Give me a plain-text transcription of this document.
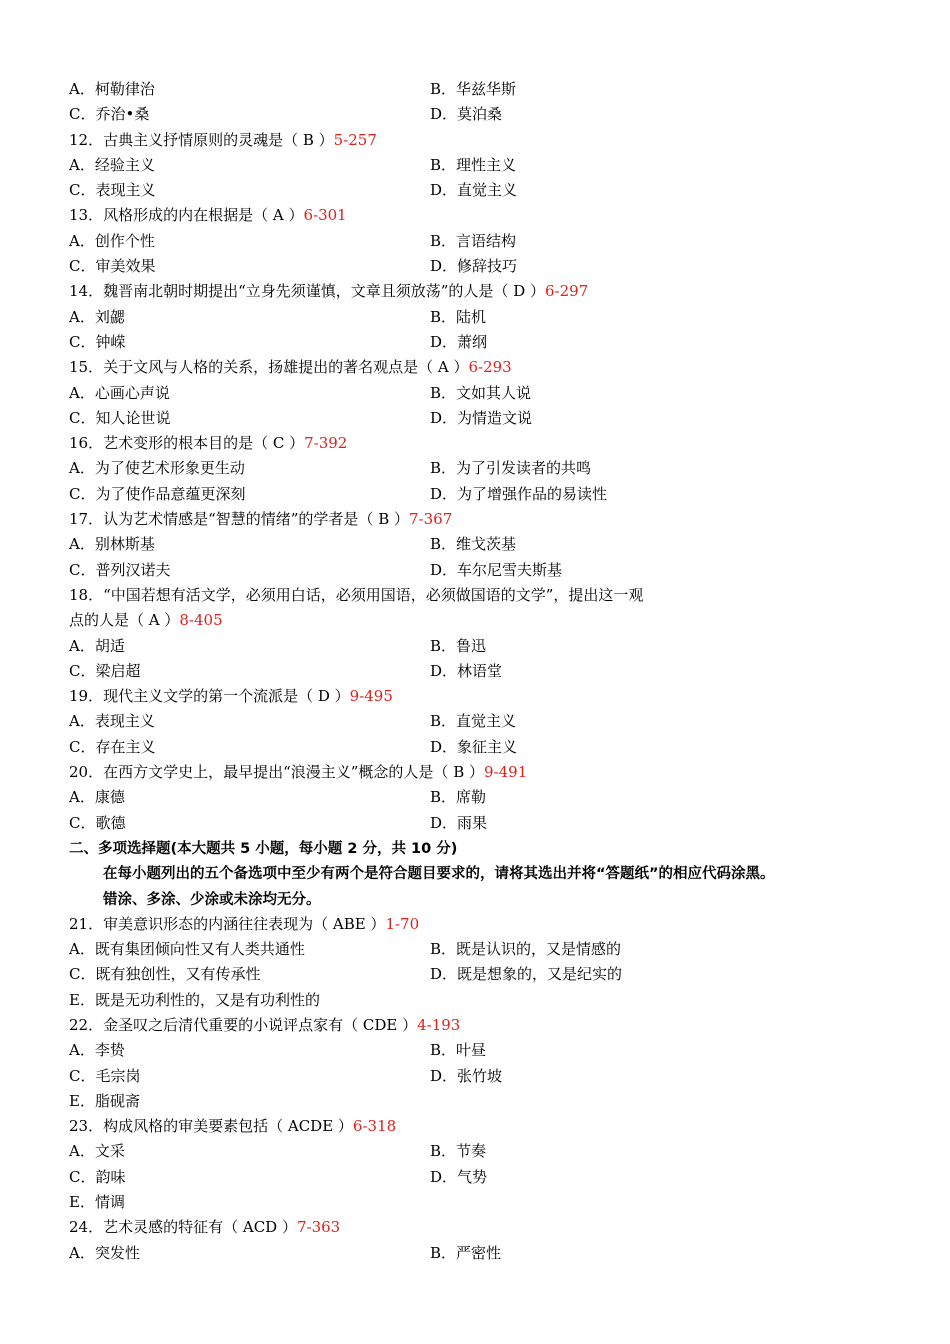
A．柯勒律治	B．华兹华斯
C．乔治•桑	D．莫泊桑
12．古典主义抒情原则的灵魂是（ B ）5-257
A．经验主义	B．理性主义
C．表现主义	D．直觉主义
13．风格形成的内在根据是（ A ）6-301
A．创作个性	B．言语结构
C．审美效果	D．修辞技巧
14．魏晋南北朝时期提出“立身先须谨慎，文章且须放荡”的人是（ D ）6-297
A．刘勰	B．陆机
C．钟嵘	D．萧纲
15．关于文风与人格的关系，扬雄提出的著名观点是（ A ）6-293
A．心画心声说	B．文如其人说
C．知人论世说	D．为情造文说
16．艺术变形的根本目的是（ C ）7-392
A．为了使艺术形象更生动	B．为了引发读者的共鸣
C．为了使作品意蕴更深刻	D．为了增强作品的易读性
17．认为艺术情感是“智慧的情绪”的学者是（ B ）7-367
A．别林斯基	B．维戈茨基
C．普列汉诺夫	D．车尔尼雪夫斯基
18．“中国若想有活文学，必须用白话，必须用国语，必须做国语的文学”，提出这一观
点的人是（ A ）8-405
A．胡适	B．鲁迅
C．梁启超	D．林语堂
19．现代主义文学的第一个流派是（ D ）9-495
A．表现主义	B．直觉主义
C．存在主义	D．象征主义
20．在西方文学史上，最早提出“浪漫主义”概念的人是（ B ）9-491
A．康德	B．席勒
C．歌德	D．雨果
二、多项选择题(本大题共 5 小题，每小题 2 分，共 10 分)
在每小题列出的五个备选项中至少有两个是符合题目要求的，请将其选出并将“答题纸”的相应代码涂黑。
错涂、多涂、少涂或未涂均无分。
21．审美意识形态的内涵往往表现为（ ABE ）1-70
A．既有集团倾向性又有人类共通性	B．既是认识的，又是情感的
C．既有独创性，又有传承性	D．既是想象的，又是纪实的
E．既是无功利性的，又是有功利性的
22．金圣叹之后清代重要的小说评点家有（ CDE ）4-193
A．李贽	B．叶昼
C．毛宗岗	D．张竹坡
E．脂砚斋
23．构成风格的审美要素包括（ ACDE ）6-318
A．文采	B．节奏
C．韵味	D．气势
E．情调
24．艺术灵感的特征有（ ACD ）7-363
A．突发性	B．严密性
